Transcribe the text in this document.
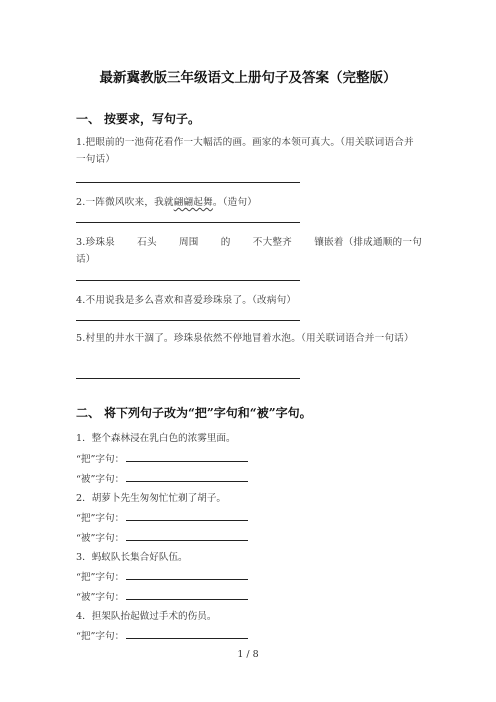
最新冀教版三年级语文上册句子及答案（完整版）
一、 按要求，写句子。
1.把眼前的一池荷花看作一大幅活的画。画家的本领可真大。（用关联词语合并一句话）
2.一阵微风吹来，我就翩翩起舞。（造句）
3.珍珠泉 石头 周围 的 不大整齐 镶嵌着（排成通顺的一句
话）
4.不用说我是多么喜欢和喜爱珍珠泉了。（改病句）
5.村里的井水干涸了。珍珠泉依然不停地冒着水泡。（用关联词语合并一句话）
二、 将下列句子改为“把”字句和“被”字句。
1．整个森林浸在乳白色的浓雾里面。
“把”字句：
“被”字句：
2．胡萝卜先生匆匆忙忙剃了胡子。
“把”字句：
“被”字句：
3．蚂蚁队长集合好队伍。
“把”字句：
“被”字句：
4．担架队抬起做过手术的伤员。
“把”字句：
1 / 8
